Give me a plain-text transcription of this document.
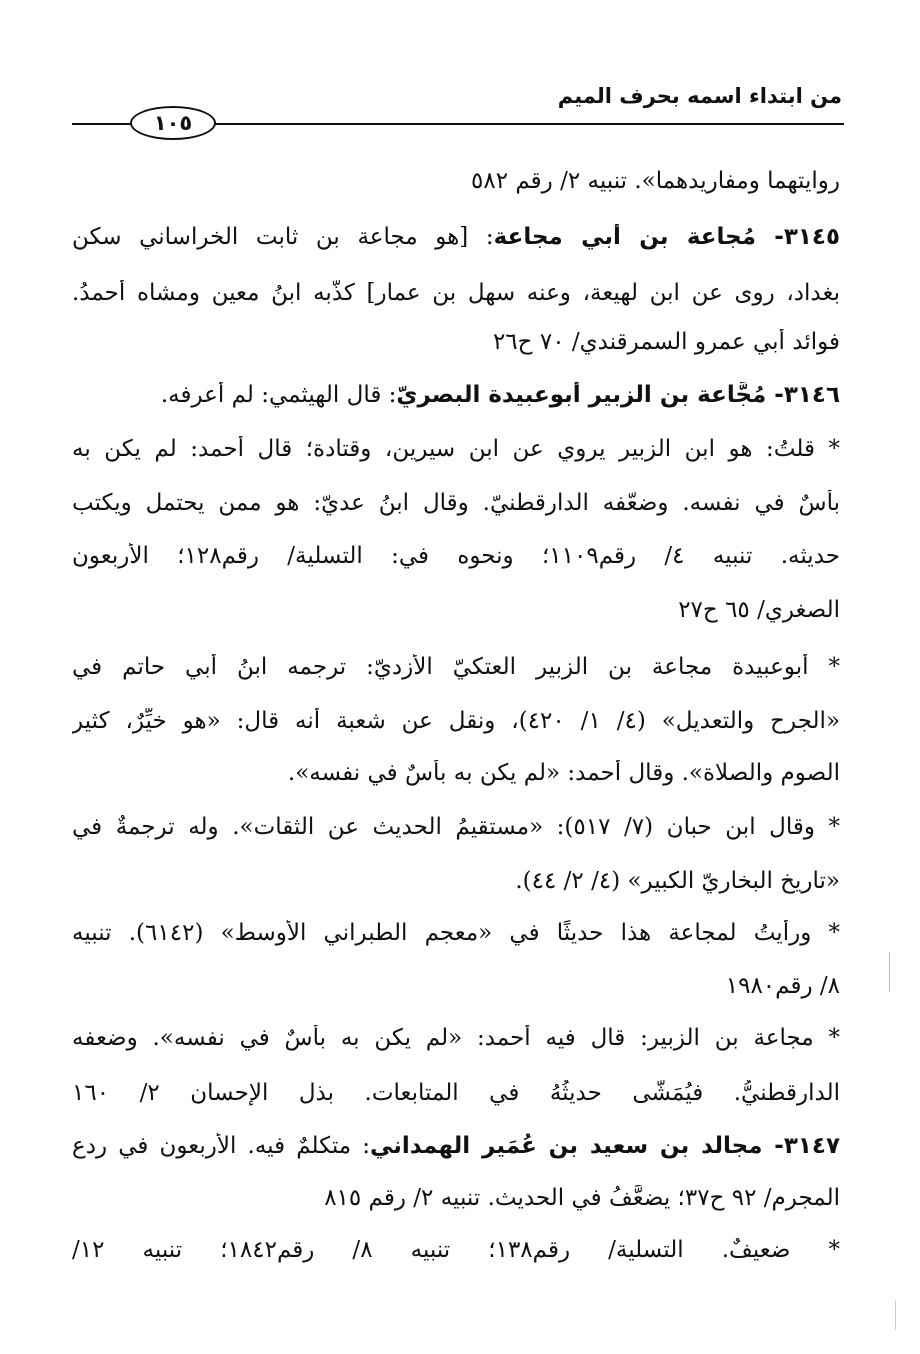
من ابتداء اسمه بحرف الميم
١٠٥
روايتهما ومفاريدهما». تنبيه ٢/ رقم ٥٨٢
٣١٤٥- مُجاعة بن أبي مجاعة: [هو مجاعة بن ثابت الخراساني سكن
بغداد، روى عن ابن لهيعة، وعنه سهل بن عمار] كذَّبه ابنُ معين ومشاه أحمدُ.
فوائد أبي عمرو السمرقندي/ ٧٠ ح٢٦
٣١٤٦- مُجَّاعة بن الزبير أبوعبيدة البصريّ: قال الهيثمي: لم أعرفه.
* قلتُ: هو ابن الزبير يروي عن ابن سيرين، وقتادة؛ قال أحمد: لم يكن به
بأسٌ في نفسه. وضعّفه الدارقطنيّ. وقال ابنُ عديّ: هو ممن يحتمل ويكتب
حديثه. تنبيه ٤/ رقم١١٠٩؛ ونحوه في: التسلية/ رقم١٢٨؛ الأربعون
الصغري/ ٦٥ ح٢٧
* أبوعبيدة مجاعة بن الزبير العتكيّ الأزديّ: ترجمه ابنُ أبي حاتم في
«الجرح والتعديل» (٤/ ١/ ٤٢٠)، ونقل عن شعبة أنه قال: «هو خيِّرٌ، كثير
الصوم والصلاة». وقال أحمد: «لم يكن به بأسٌ في نفسه».
* وقال ابن حبان (٧/ ٥١٧): «مستقيمُ الحديث عن الثقات». وله ترجمةٌ في
«تاريخ البخاريّ الكبير» (٤/ ٢/ ٤٤).
* ورأيتُ لمجاعة هذا حديثًا في «معجم الطبراني الأوسط» (٦١٤٢). تنبيه
٨/ رقم١٩٨٠
* مجاعة بن الزبير: قال فيه أحمد: «لم يكن به بأسٌ في نفسه». وضعفه
الدارقطنيُّ. فيُمَشَّى حديثُهُ في المتابعات. بذل الإحسان ٢/ ١٦٠
٣١٤٧- مجالد بن سعيد بن عُمَير الهمداني: متكلمٌ فيه. الأربعون في ردع
المجرم/ ٩٢ ح٣٧؛ يضعَّفُ في الحديث. تنبيه ٢/ رقم ٨١٥
* ضعيفٌ. التسلية/ رقم١٣٨؛ تنبيه ٨/ رقم١٨٤٢؛ تنبيه ١٢/
